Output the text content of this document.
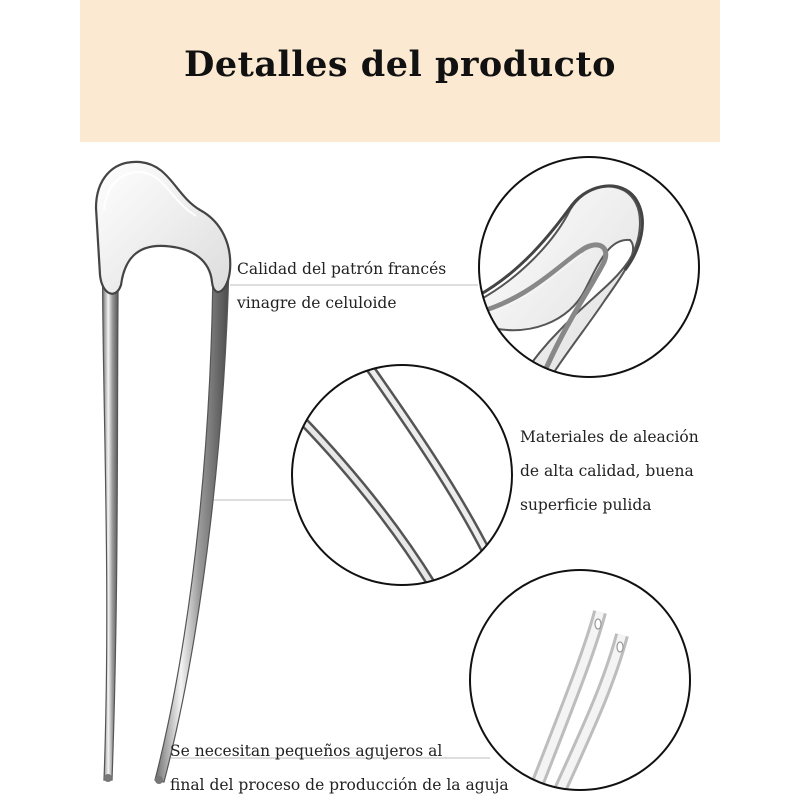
Detalles del producto
Calidad del patrón francés
vinagre de celuloide
Materiales de aleación
de alta calidad, buena
superficie pulida
Se necesitan pequeños agujeros al
final del proceso de producción de la aguja
